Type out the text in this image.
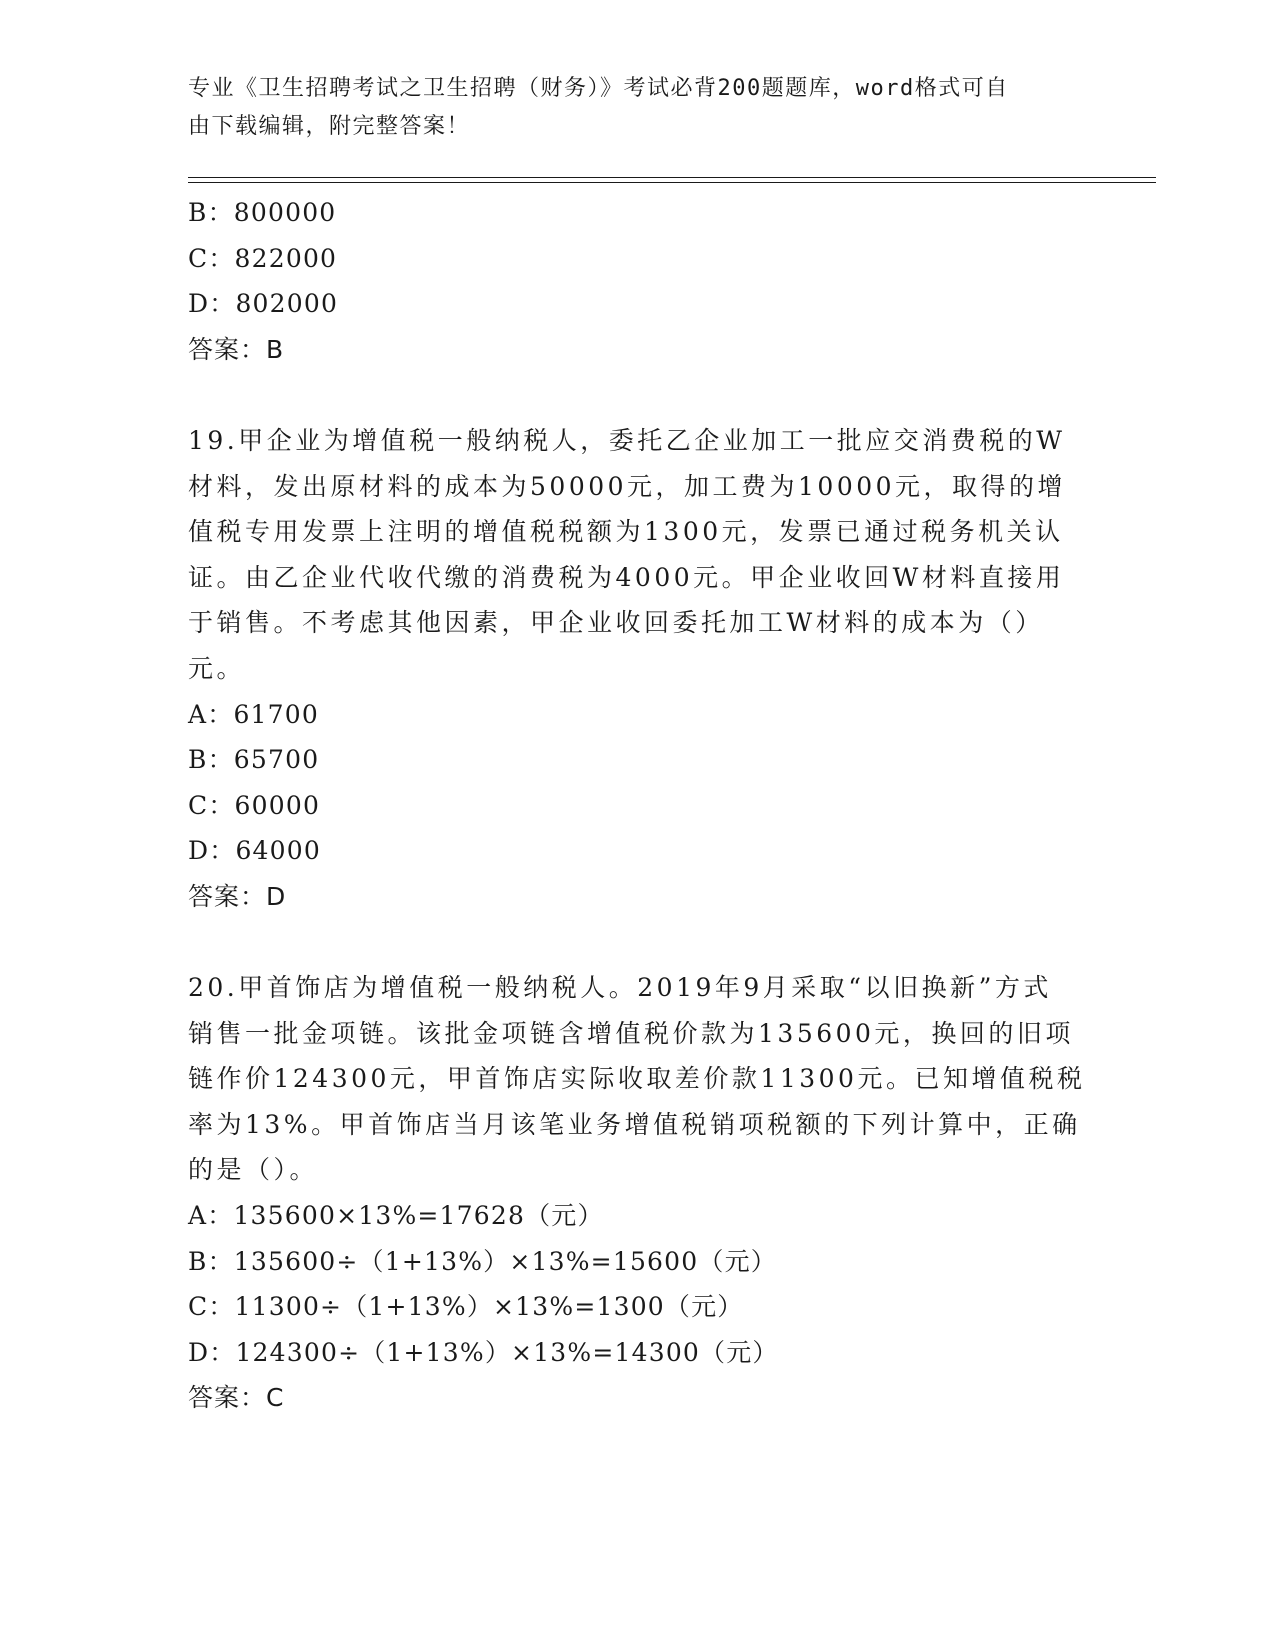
专业《卫生招聘考试之卫生招聘（财务）》考试必背200题题库，word格式可自
由下载编辑，附完整答案！
B：800000
C：822000
D：802000
答案：B
19.甲企业为增值税一般纳税人，委托乙企业加工一批应交消费税的W
材料，发出原材料的成本为50000元，加工费为10000元，取得的增
值税专用发票上注明的增值税税额为1300元，发票已通过税务机关认
证。由乙企业代收代缴的消费税为4000元。甲企业收回W材料直接用
于销售。不考虑其他因素，甲企业收回委托加工W材料的成本为（）
元。
A：61700
B：65700
C：60000
D：64000
答案：D
20.甲首饰店为增值税一般纳税人。2019年9月采取“以旧换新”方式
销售一批金项链。该批金项链含增值税价款为135600元，换回的旧项
链作价124300元，甲首饰店实际收取差价款11300元。已知增值税税
率为13%。甲首饰店当月该笔业务增值税销项税额的下列计算中，正确
的是（）。
A：135600×13%=17628（元）
B：135600÷（1+13%）×13%=15600（元）
C：11300÷（1+13%）×13%=1300（元）
D：124300÷（1+13%）×13%=14300（元）
答案：C
